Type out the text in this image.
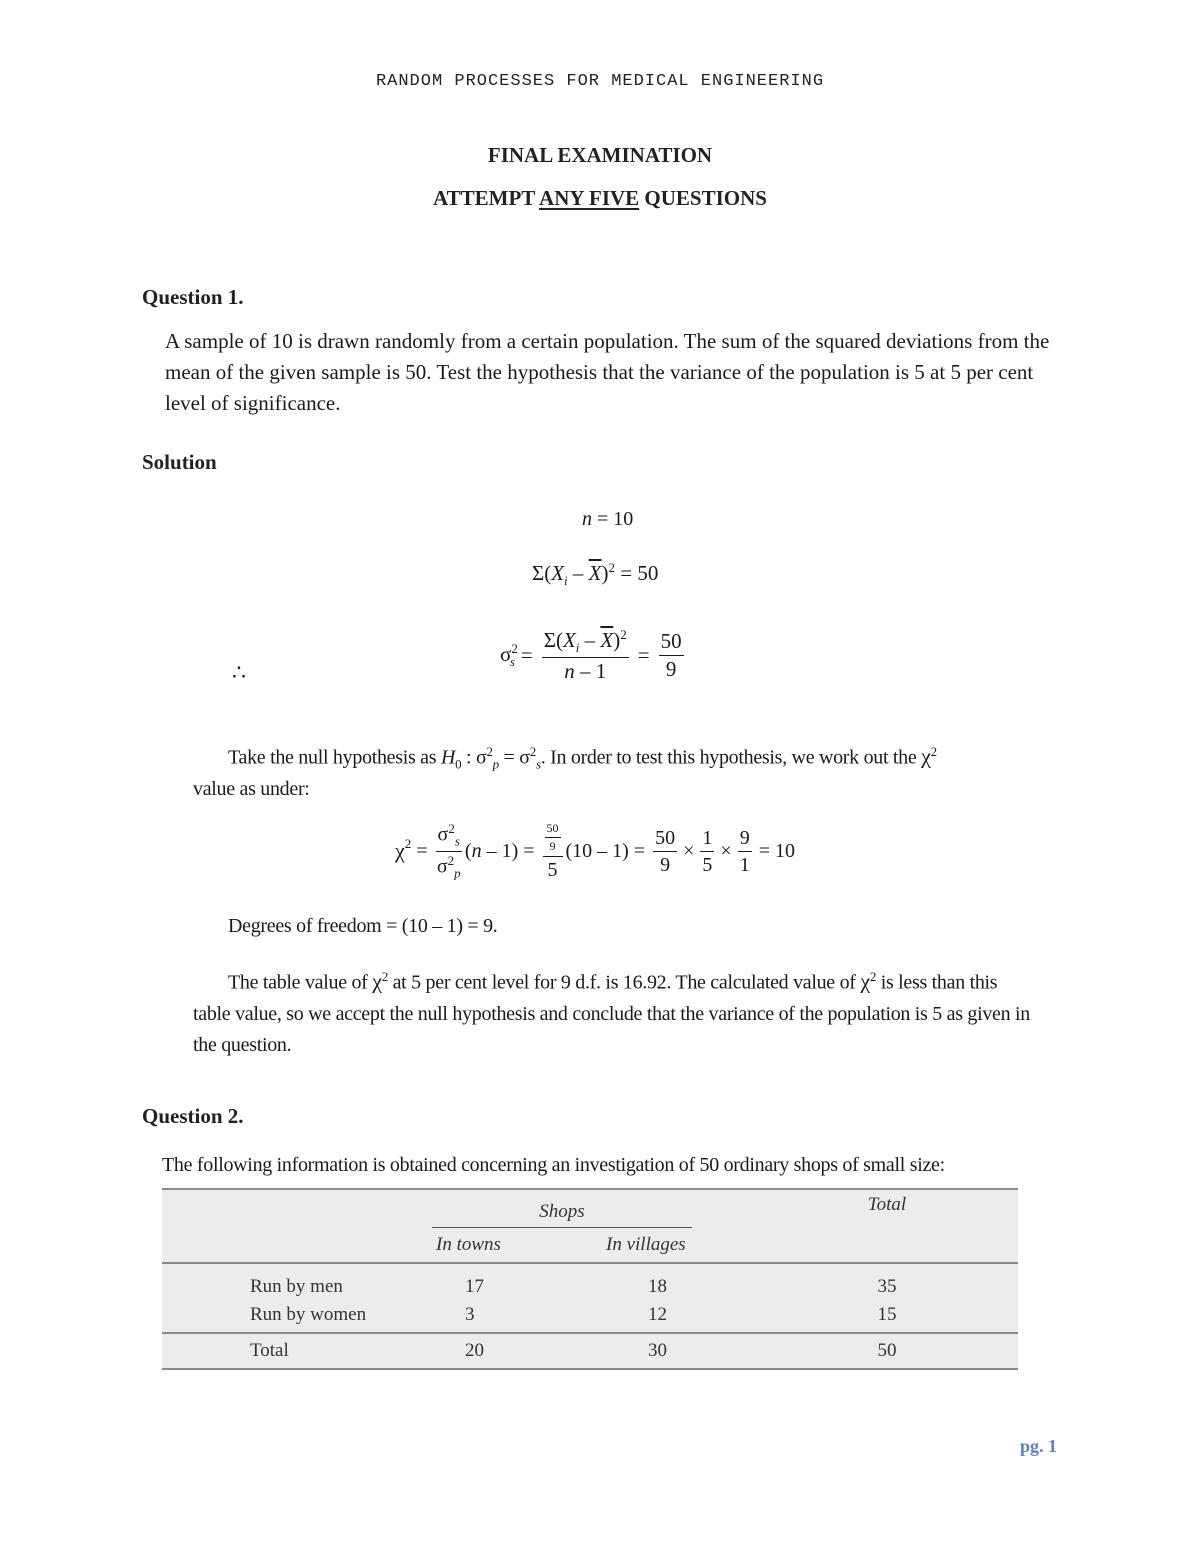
RANDOM PROCESSES FOR MEDICAL ENGINEERING
FINAL EXAMINATION
ATTEMPT ANY FIVE QUESTIONS
Question 1.
A sample of 10 is drawn randomly from a certain population. The sum of the squared deviations from the mean of the given sample is 50. Test the hypothesis that the variance of the population is 5 at 5 per cent level of significance.
Solution
n = 10
$\Sigma(X_i - \overline{X})^2 = 50$
∴
$\sigma^2_s = \frac{\Sigma(X_i - \overline{X})^2}{n - 1} = \frac{50}{9}$
Take the null hypothesis as $H_0$ : $\sigma^2_p = \sigma^2_s$. In order to test this hypothesis, we work out the $\chi^2$
value as under:
$\chi^2 = \frac{\sigma^2_s}{\sigma^2_p} (n - 1) = \frac{\frac{50}{9}}{5} (10 - 1) = \frac{50}{9} \times \frac{1}{5} \times \frac{9}{1} = 10$
Degrees of freedom = (10 – 1) = 9.
The table value of $\chi^2$ at 5 per cent level for 9 d.f. is 16.92. The calculated value of $\chi^2$ is less than this table value, so we accept the null hypothesis and conclude that the variance of the population is 5 as given in the question.
Question 2.
The following information is obtained concerning an investigation of 50 ordinary shops of small size:

	Shops		Total
	In towns	In villages	
Run by men	17	18	35
Run by women	3	12	15
Total	20	30	50
pg. 1
